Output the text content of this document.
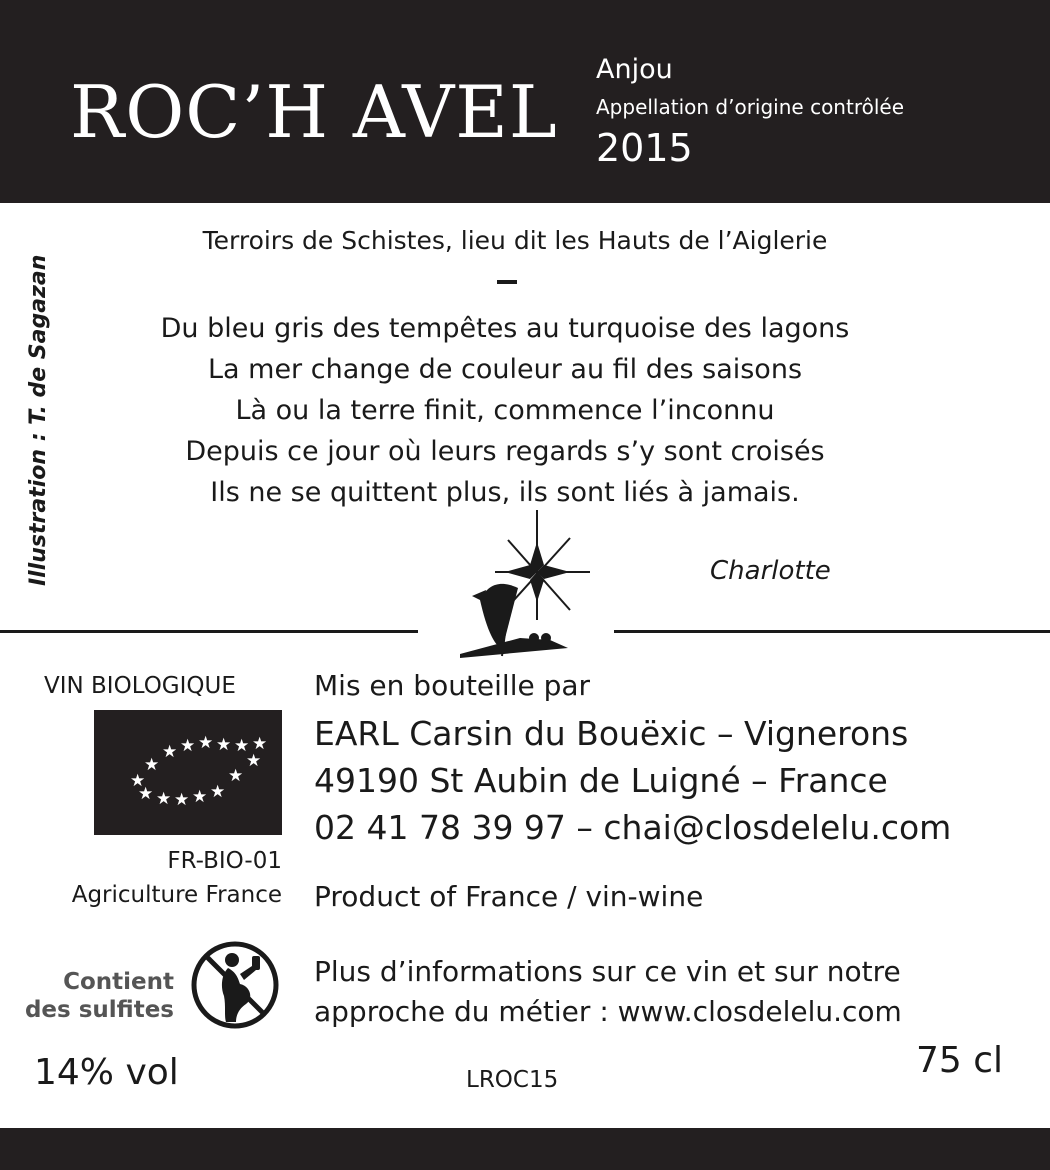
ROC’H AVEL
Anjou
Appellation d’origine contrôlée
2015
Illustration : T. de Sagazan
Terroirs de Schistes, lieu dit les Hauts de l’Aiglerie
Du bleu gris des tempêtes au turquoise des lagons
La mer change de couleur au fil des saisons
Là ou la terre finit, commence l’inconnu
Depuis ce jour où leurs regards s’y sont croisés
Ils ne se quittent plus, ils sont liés à jamais.
Charlotte
VIN BIOLOGIQUE
★ ★ ★ ★ ★
★
★
★
★
★
★
★
★
★
★
FR-BIO-01
Agriculture France
Contient
des sulfites
Mis en bouteille par
EARL Carsin du Bouëxic – Vignerons
49190 St Aubin de Luigné – France
02 41 78 39 97 – chai@closdelelu.com
Product of France / vin-wine
Plus d’informations sur ce vin et sur notre
approche du métier : www.closdelelu.com
14% vol	LROC15	75 cl
